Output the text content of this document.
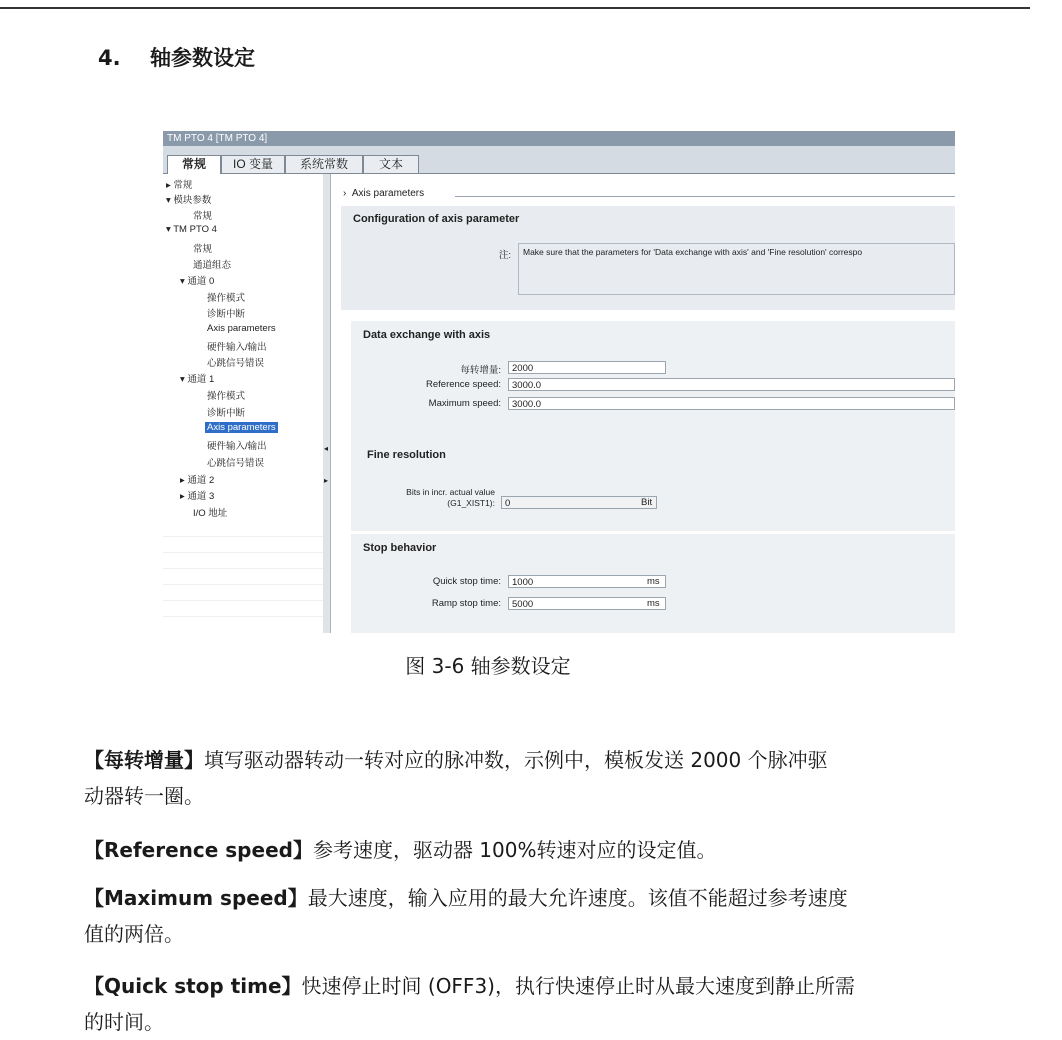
4. 轴参数设定
TM PTO 4 [TM PTO 4]
常规	IO 变量	系统常数	文本
▸ 常规
▾ 模块参数
常规
▾ TM PTO 4
常规
通道组态
▾ 通道 0
操作模式
诊断中断
Axis parameters
硬件输入/输出
心跳信号错误
▾ 通道 1
操作模式
诊断中断
Axis parameters
硬件输入/输出
心跳信号错误
▸ 通道 2
▸ 通道 3
I/O 地址
◂
▸
›  Axis parameters
Configuration of axis parameter
注:	Make sure that the parameters for 'Data exchange with axis' and 'Fine resolution' correspo
Data exchange with axis
每转增量:	2000
Reference speed:	3000.0
Maximum speed:	3000.0
Fine resolution
Bits in incr. actual value
(G1_XIST1):	0	Bit
Stop behavior
Quick stop time:	1000	ms
Ramp stop time:	5000	ms
图 3-6 轴参数设定
【每转增量】填写驱动器转动一转对应的脉冲数，示例中，模板发送 2000 个脉冲驱
动器转一圈。
【Reference speed】参考速度，驱动器 100%转速对应的设定值。
【Maximum speed】最大速度，输入应用的最大允许速度。该值不能超过参考速度
值的两倍。
【Quick stop time】快速停止时间 (OFF3)，执行快速停止时从最大速度到静止所需
的时间。
